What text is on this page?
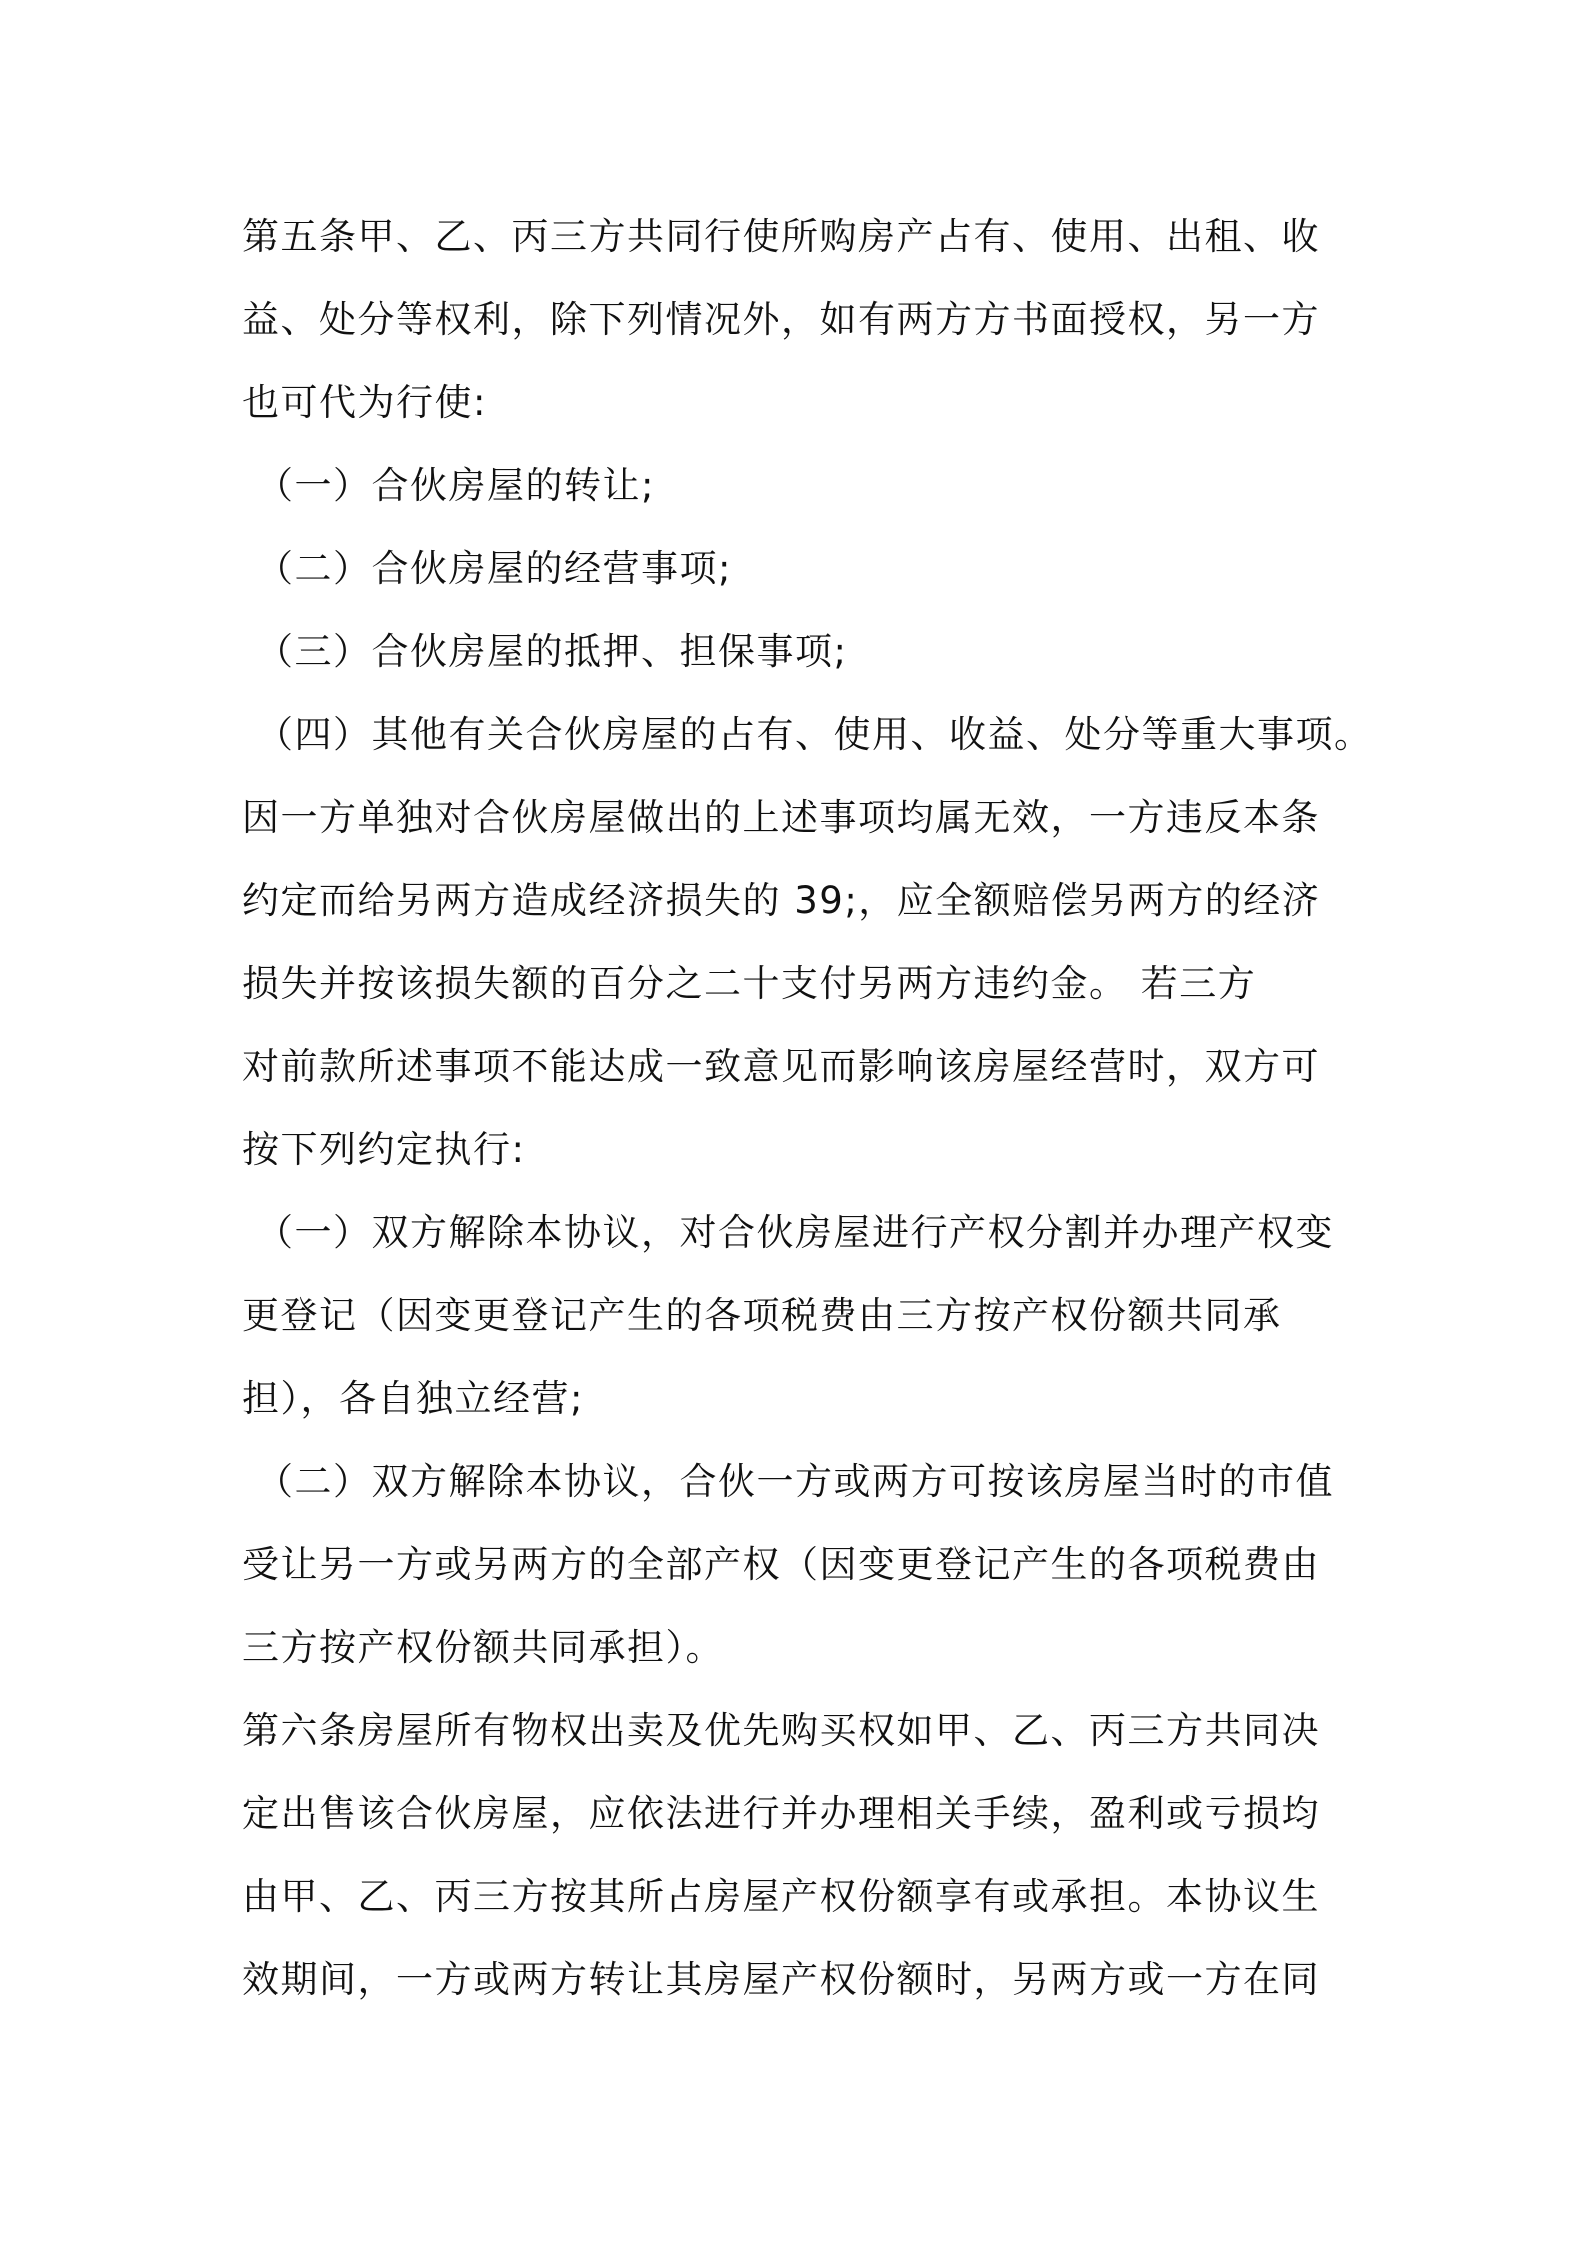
第五条甲、乙、丙三方共同行使所购房产占有、使用、出租、收
益、处分等权利，除下列情况外，如有两方方书面授权，另一方
也可代为行使:
（一）合伙房屋的转让;
（二）合伙房屋的经营事项;
（三）合伙房屋的抵押、担保事项;
（四）其他有关合伙房屋的占有、使用、收益、处分等重大事项。
因一方单独对合伙房屋做出的上述事项均属无效，一方违反本条
约定而给另两方造成经济损失的 39;，应全额赔偿另两方的经济
损失并按该损失额的百分之二十支付另两方违约金。 若三方
对前款所述事项不能达成一致意见而影响该房屋经营时，双方可
按下列约定执行:
（一）双方解除本协议，对合伙房屋进行产权分割并办理产权变
更登记（因变更登记产生的各项税费由三方按产权份额共同承
担），各自独立经营;
（二）双方解除本协议，合伙一方或两方可按该房屋当时的市值
受让另一方或另两方的全部产权（因变更登记产生的各项税费由
三方按产权份额共同承担）。
第六条房屋所有物权出卖及优先购买权如甲、乙、丙三方共同决
定出售该合伙房屋，应依法进行并办理相关手续，盈利或亏损均
由甲、乙、丙三方按其所占房屋产权份额享有或承担。本协议生
效期间，一方或两方转让其房屋产权份额时，另两方或一方在同
